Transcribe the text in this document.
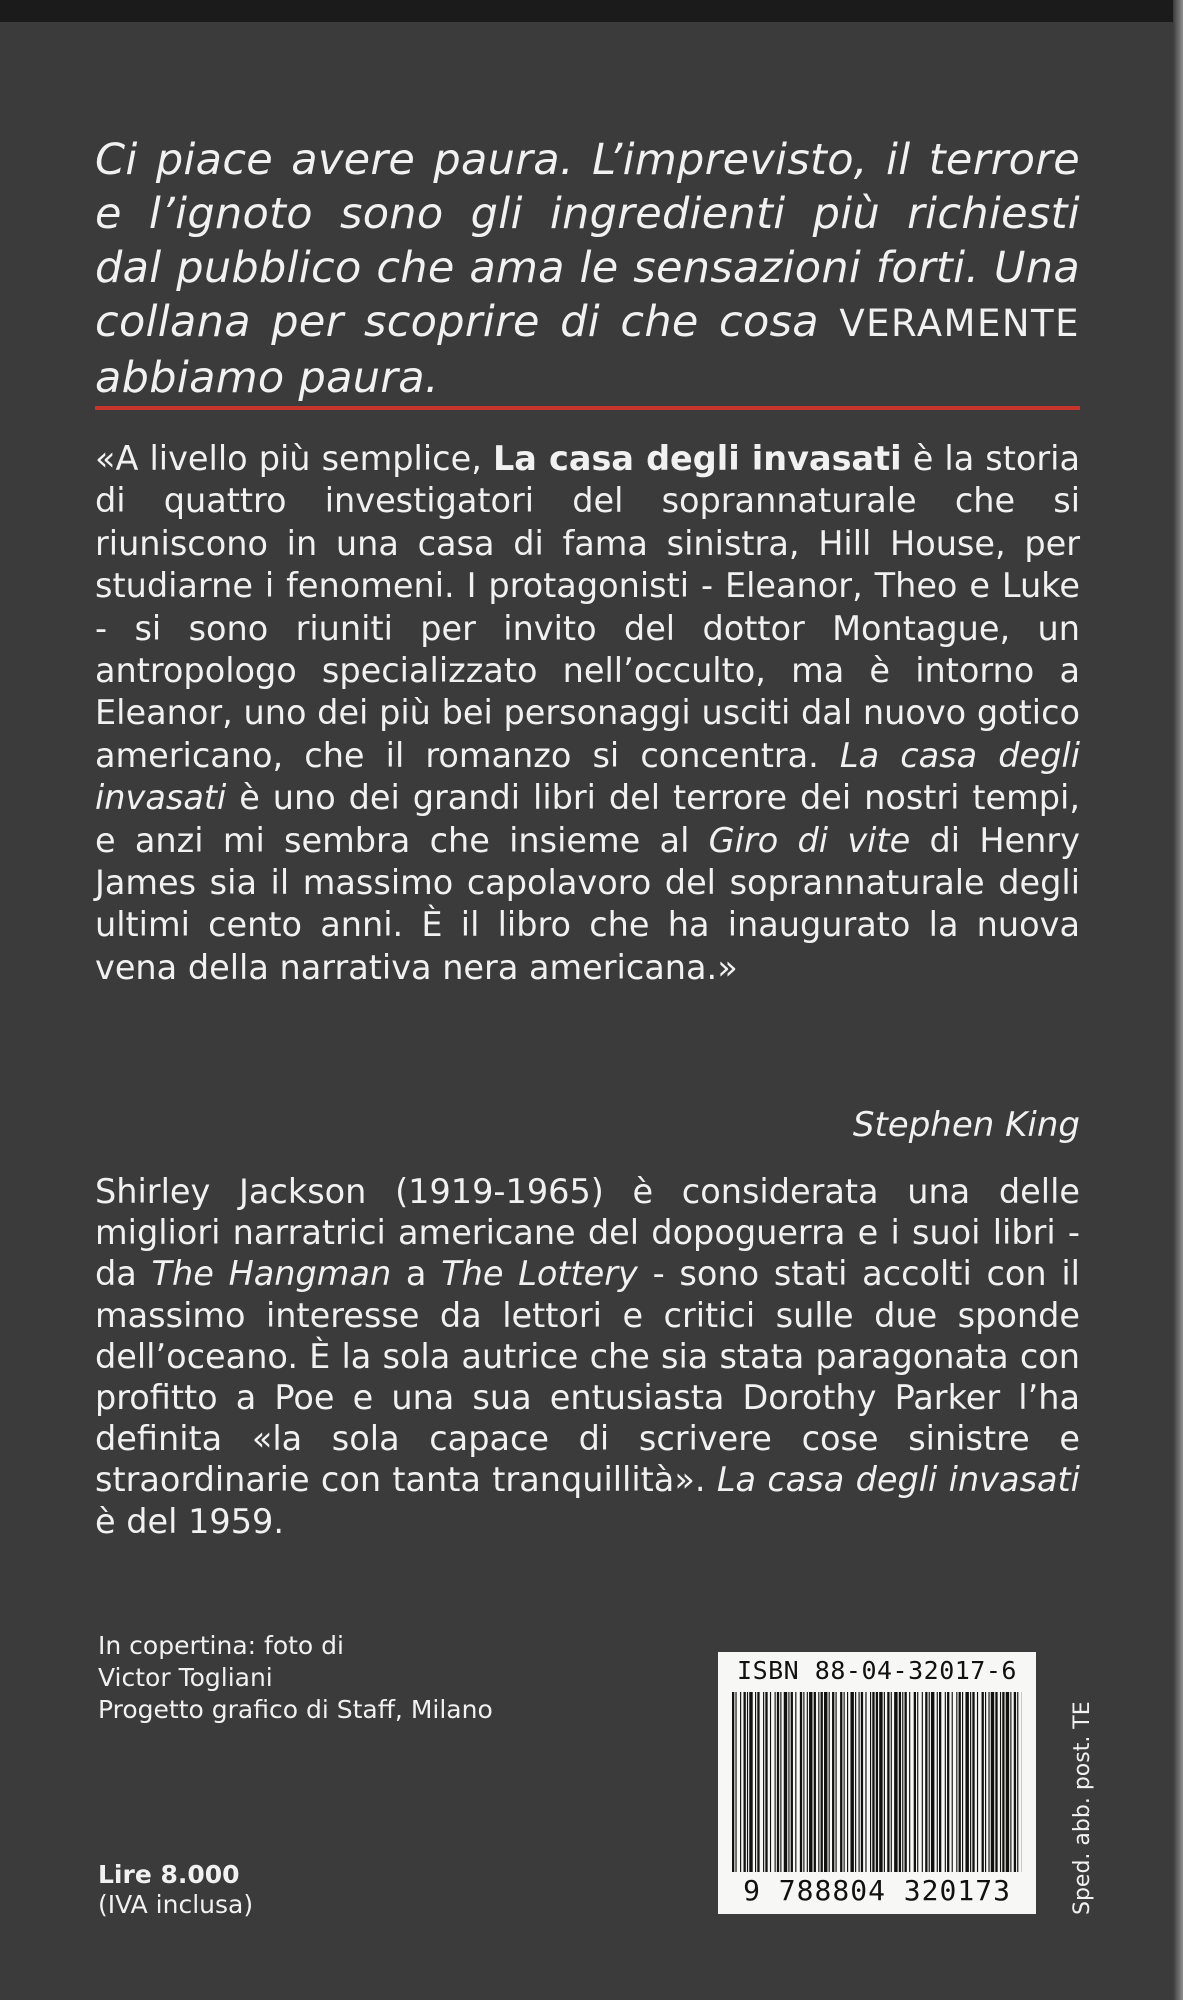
Ci piace avere paura. L’imprevisto, il terrore e l’ignoto sono gli ingredienti più richiesti dal pubblico che ama le sensazioni forti. Una collana per scoprire di che cosa VERAMENTE abbiamo paura.

«A livello più semplice, La casa degli invasati è la storia di quattro investigatori del soprannaturale che si riuniscono in una casa di fama sinistra, Hill House, per studiarne i fenomeni. I protagonisti - Eleanor, Theo e Luke - si sono riuniti per invito del dottor Montague, un antropologo specializzato nell’occulto, ma è intorno a Eleanor, uno dei più bei personaggi usciti dal nuovo gotico americano, che il romanzo si concentra. La casa degli invasati è uno dei grandi libri del terrore dei nostri tempi, e anzi mi sembra che insieme al Giro di vite di Henry James sia il massimo capolavoro del soprannaturale degli ultimi cento anni. È il libro che ha inaugurato la nuova vena della narrativa nera americana.»

Stephen King

Shirley Jackson (1919-1965) è considerata una delle migliori narratrici americane del dopoguerra e i suoi libri - da The Hangman a The Lottery - sono stati accolti con il massimo interesse da lettori e critici sulle due sponde dell’oceano. È la sola autrice che sia stata paragonata con profitto a Poe e una sua entusiasta Dorothy Parker l’ha definita «la sola capace di scrivere cose sinistre e straordinarie con tanta tranquillità». La casa degli invasati è del 1959.

In copertina: foto di
Victor Togliani
Progetto grafico di Staff, Milano
Lire 8.000
(IVA inclusa)
ISBN 88-04-32017-6
9 788804 320173	Sped. abb. post. TE
